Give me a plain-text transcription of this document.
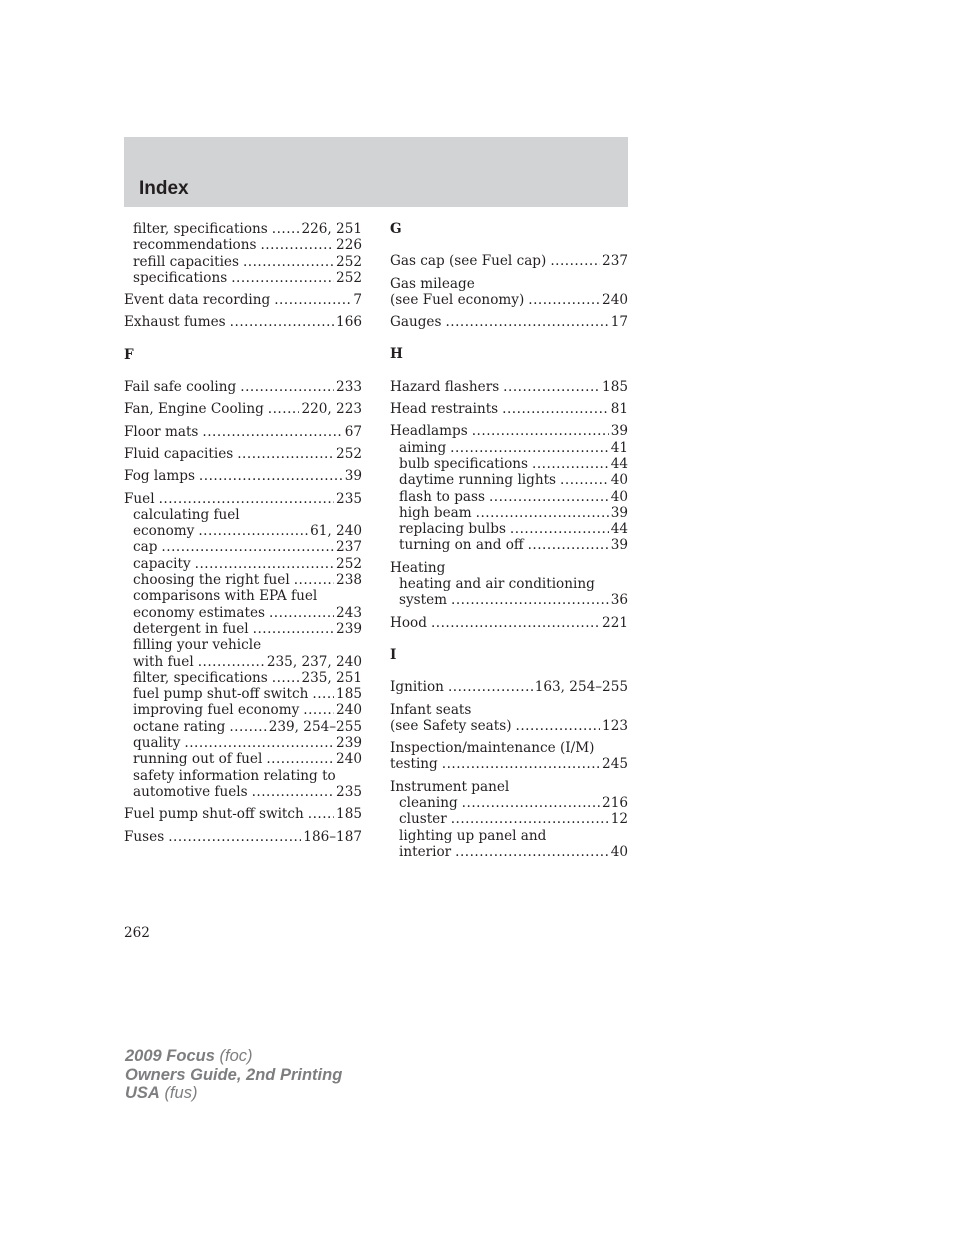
Index
filter, specifications ..... 226, 251
recommendations .....	226
refill capacities .....	252
specifications .....	252
Event data recording .....	7
Exhaust fumes .....	166
F
Fail safe cooling .....	233
Fan, Engine Cooling .....	220, 223
Floor mats .....	67
Fluid capacities .....	252
Fog lamps .....	39
Fuel .....	235
calculating fuel
economy .....	61, 240
cap .....	237
capacity .....	252
choosing the right fuel .....	238
comparisons with EPA fuel
economy estimates .....	243
detergent in fuel .....	239
filling your vehicle
with fuel .....	235, 237, 240
filter, specifications ..... 235, 251
fuel pump shut-off switch ..... 185
improving fuel economy .....	240
octane rating .....	239, 254–255
quality .....	239
running out of fuel .....	240
safety information relating to
automotive fuels .....	235
Fuel pump shut-off switch ..... 185
Fuses .....	186–187
G
Gas cap (see Fuel cap) .....	237
Gas mileage
(see Fuel economy) .....	240
Gauges .....	17
H
Hazard flashers .....	185
Head restraints .....	81
Headlamps .....	39
aiming .....	41
bulb specifications .....	44
daytime running lights .....	40
flash to pass .....	40
high beam .....	39
replacing bulbs .....	44
turning on and off .....	39
Heating
heating and air conditioning
system .....	36
Hood .....	221
I
Ignition .....	163, 254–255
Infant seats
(see Safety seats) .....	123
Inspection/maintenance (I/M)
testing .....	245
Instrument panel
cleaning .....	216
cluster .....	12
lighting up panel and
interior .....	40
262
2009 Focus (foc)
Owners Guide, 2nd Printing
USA (fus)
